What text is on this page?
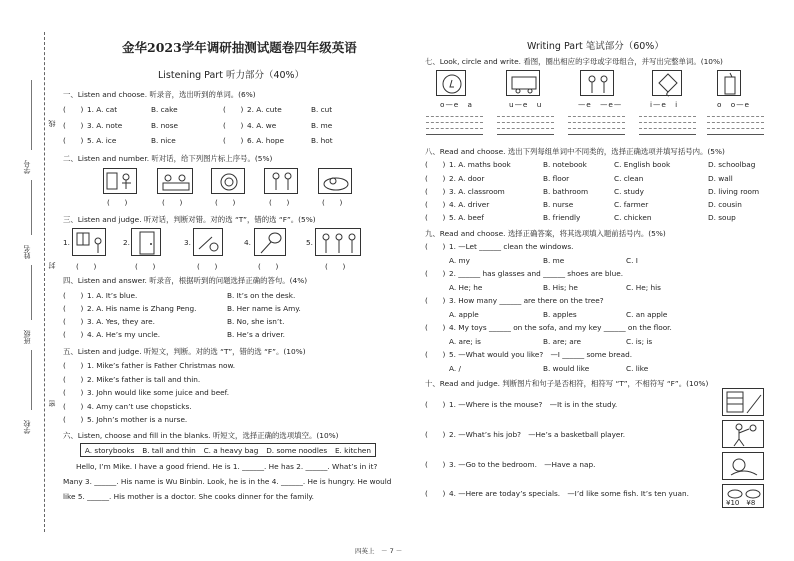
学号
姓名
班级
学校
线
封
密
金华2023学年调研抽测试题卷四年级英语
Listening Part 听力部分（40%）
一、Listen and choose. 听录音，选出听到的单词。(6%)
(　　) 1. A. cat	B. cake	(　　) 2. A. cute	B. cut
(　　) 3. A. note	B. nose	(　　) 4. A. we	B. me
(　　) 5. A. ice	B. nice	(　　) 6. A. hope	B. hot
二、Listen and number. 听对话，给下列图片标上序号。(5%)
(　　)	(　　)	(　　)	(　　)	(　　)
三、Listen and judge. 听对话，判断对错。对的选 “T”，错的选 “F”。(5%)
1.	2.	3.	4.	5.
(　　)	(　　)	(　　)	(　　)	(　　)
四、Listen and answer. 听录音，根据听到的问题选择正确的答句。(4%)
(　　) 1. A. It’s blue.	B. It’s on the desk.
(　　) 2. A. His name is Zhang Peng.	B. Her name is Amy.
(　　) 3. A. Yes, they are.	B. No, she isn’t.
(　　) 4. A. He’s my uncle.	B. He’s a driver.
五、Listen and judge. 听短文，判断。对的选 “T”，错的选 “F”。(10%)
(　　) 1. Mike’s father is Father Christmas now.
(　　) 2. Mike’s father is tall and thin.
(　　) 3. John would like some juice and beef.
(　　) 4. Amy can’t use chopsticks.
(　　) 5. John’s mother is a nurse.
六、Listen, choose and fill in the blanks. 听短文，选择正确的选项填空。(10%)
A. storybooks B. tall and thin C. a heavy bag D. some noodles E. kitchen
Hello, I’m Mike. I have a good friend. He is 1. ______. He has 2. ______. What’s in it?
Many 3. ______. His name is Wu Binbin. Look, he is in the 4. ______. He is hungry. He would
like 5. ______. His mother is a doctor. She cooks dinner for the family.
Writing Part 笔试部分（60%）
七、Look, circle and write. 看图，圈出相应的字母或字母组合，并写出完整单词。(10%)
o—e　a	u—e　u	—e　—e—	i—e　i	o　o—e
八、Read and choose. 选出下列每组单词中不同类的，选择正确选项并填写括号内。(5%)
(　　) 1. A. maths book	B. notebook	C. English book	D. schoolbag
(　　) 2. A. door	B. floor	C. clean	D. wall
(　　) 3. A. classroom	B. bathroom	C. study	D. living room
(　　) 4. A. driver	B. nurse	C. farmer	D. cousin
(　　) 5. A. beef	B. friendly	C. chicken	D. soup
九、Read and choose. 选择正确答案，将其选项填入题前括号内。(5%)
(　　) 1. —Let ______ clean the windows.
A. my	B. me	C. I
(　　) 2. ______ has glasses and ______ shoes are blue.
A. He; he	B. His; he	C. He; his
(　　) 3. How many ______ are there on the tree?
A. apple	B. apples	C. an apple
(　　) 4. My toys ______ on the sofa, and my key ______ on the floor.
A. are; is	B. are; are	C. is; is
(　　) 5. —What would you like?　—I ______ some bread.
A. /	B. would like	C. like
十、Read and judge. 判断图片和句子是否相符，相符写 “T”，不相符写 “F”。(10%)
(　　) 1. —Where is the mouse?　—It is in the study.
(　　) 2. —What’s his job?　—He’s a basketball player.
(　　) 3. —Go to the bedroom.　—Have a nap.
(　　) 4. —Here are today’s specials.　—I’d like some fish. It’s ten yuan.
¥10　¥8
四英上　－ 7 －
